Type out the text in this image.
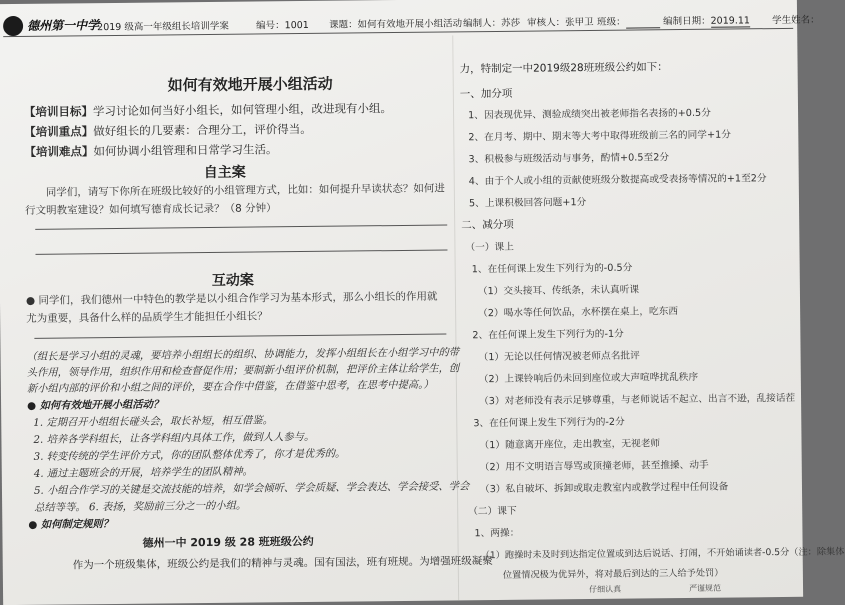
德州第一中学
2019 级高一年级组长培训学案	编号：1001 课题：如何有效地开展小组活动 编制人：苏莎 审核人：张甲卫 班级：	编制日期：2019.11 学生姓名：
如何有效地开展小组活动
【培训目标】学习讨论如何当好小组长，如何管理小组，改进现有小组。
【培训重点】做好组长的几要素：合理分工，评价得当。
【培训难点】如何协调小组管理和日常学习生活。
自主案
同学们，请写下你所在班级比较好的小组管理方式，比如：如何提升早读状态？如何进行文明教室建设？如何填写德育成长记录？（8 分钟）
互动案
● 同学们，我们德州一中特色的教学是以小组合作学习为基本形式，那么小组长的作用就尤为重要，具备什么样的品质学生才能担任小组长？
（组长是学习小组的灵魂，要培养小组组长的组织、协调能力，发挥小组组长在小组学习中的带
头作用，领导作用，组织作用和检查督促作用；要制新小组评价机制，把评价主体让给学生，创
新小组内部的评价和小组之间的评价，要在合作中借鉴，在借鉴中思考，在思考中提高。）
● 如何有效地开展小组活动？
1. 定期召开小组组长碰头会，取长补短，相互借鉴。
2. 培养各学科组长，让各学科组内具体工作，做到人人参与。
3. 转变传统的学生评价方式，你的团队整体优秀了，你才是优秀的。
4. 通过主题班会的开展，培养学生的团队精神。
5. 小组合作学习的关键是交流技能的培养，如学会倾听、学会质疑、学会表达、学会接受、学会
总结等等。 6. 表扬，奖励前三分之一的小组。
● 如何制定规则？
德州一中 2019 级 28 班班级公约
作为一个班级集体，班级公约是我们的精神与灵魂。国有国法，班有班规。为增强班级凝聚
力，特制定一中2019级28班班级公约如下：
一、加分项
1、因表现优异、测验成绩突出被老师指名表扬的+0.5分
2、在月考、期中、期末等大考中取得班级前三名的同学+1分
3、积极参与班级活动与事务，酌情+0.5至2分
4、由于个人或小组的贡献使班级分数提高或受表扬等情况的+1至2分
5、上课积极回答问题+1分
二、减分项
（一）课上
1、在任何课上发生下列行为的-0.5分
（1）交头接耳、传纸条，未认真听课
（2）喝水等任何饮品，水杯摆在桌上，吃东西
2、在任何课上发生下列行为的-1分
（1）无论以任何情况被老师点名批评
（2）上课铃响后仍未回到座位或大声喧哗扰乱秩序
（3）对老师没有表示足够尊重，与老师说话不起立、出言不逊，乱接话茬
3、在任何课上发生下列行为的-2分
（1）随意离开座位，走出教室，无视老师
（2）用不文明语言辱骂或顶撞老师，甚至推搡、动手
（3）私自破坏、拆卸或取走教室内或教学过程中任何设备
（二）课下
1、两操：
（1）跑操时未及时到达指定位置或到达后说话、打闹，不开始诵读者-0.5分（注：除集体
位置情况极为优异外，将对最后到达的三人给予处罚）
仔细认真	严谨规范
